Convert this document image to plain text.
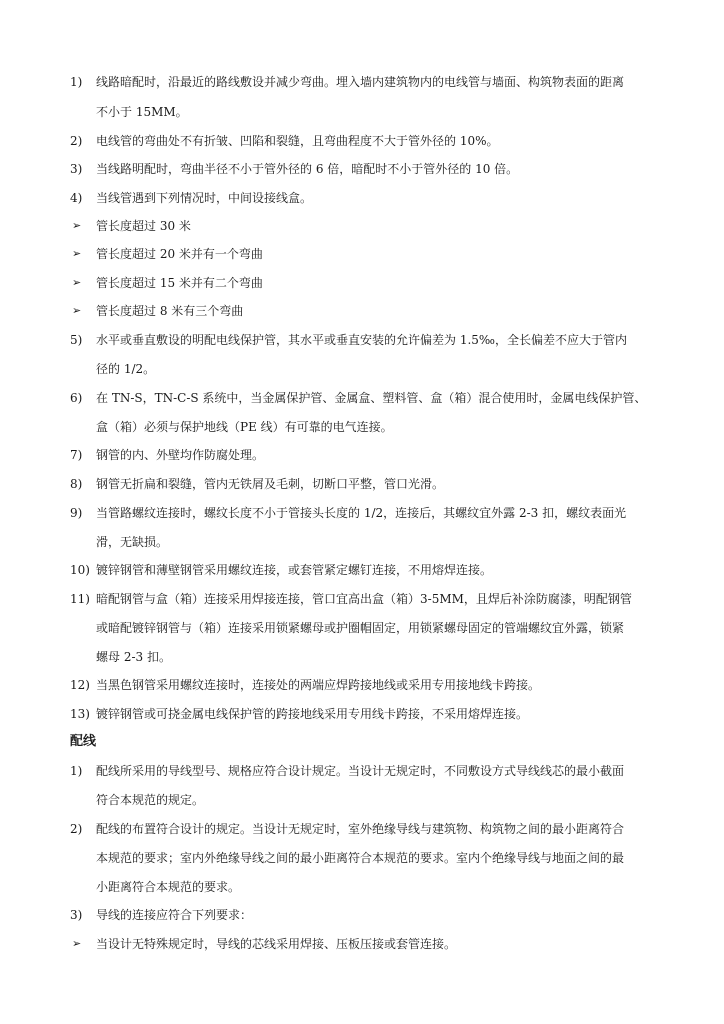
1)	线路暗配时，沿最近的路线敷设并减少弯曲。埋入墙内建筑物内的电线管与墙面、构筑物表面的距离
不小于 15MM。
2)	电线管的弯曲处不有折皱、凹陷和裂缝，且弯曲程度不大于管外径的 10%。
3)	当线路明配时，弯曲半径不小于管外径的 6 倍，暗配时不小于管外径的 10 倍。
4)	当线管遇到下列情况时，中间设接线盒。
➢ 管长度超过 30 米
➢ 管长度超过 20 米并有一个弯曲
➢ 管长度超过 15 米并有二个弯曲
➢ 管长度超过 8 米有三个弯曲
5)	水平或垂直敷设的明配电线保护管，其水平或垂直安装的允许偏差为 1.5‰，全长偏差不应大于管内
径的 1/2。
6)	在 TN-S，TN-C-S 系统中，当金属保护管、金属盒、塑料管、盒（箱）混合使用时，金属电线保护管、
盒（箱）必须与保护地线（PE 线）有可靠的电气连接。
7)	钢管的内、外壁均作防腐处理。
8)	钢管无折扁和裂缝，管内无铁屑及毛刺，切断口平整，管口光滑。
9)	当管路螺纹连接时，螺纹长度不小于管接头长度的 1/2，连接后，其螺纹宜外露 2-3 扣，螺纹表面光
滑，无缺损。
10) 镀锌钢管和薄壁钢管采用螺纹连接，或套管紧定螺钉连接，不用熔焊连接。
11) 暗配钢管与盒（箱）连接采用焊接连接，管口宜高出盒（箱）3-5MM，且焊后补涂防腐漆，明配钢管
或暗配镀锌钢管与（箱）连接采用锁紧螺母或护圈帽固定，用锁紧螺母固定的管端螺纹宜外露，锁紧
螺母 2-3 扣。
12) 当黑色钢管采用螺纹连接时，连接处的两端应焊跨接地线或采用专用接地线卡跨接。
13) 镀锌钢管或可挠金属电线保护管的跨接地线采用专用线卡跨接，不采用熔焊连接。
配线
1)	配线所采用的导线型号、规格应符合设计规定。当设计无规定时，不同敷设方式导线线芯的最小截面
符合本规范的规定。
2)	配线的布置符合设计的规定。当设计无规定时，室外绝缘导线与建筑物、构筑物之间的最小距离符合
本规范的要求；室内外绝缘导线之间的最小距离符合本规范的要求。室内个绝缘导线与地面之间的最
小距离符合本规范的要求。
3)	导线的连接应符合下列要求：
➢ 当设计无特殊规定时，导线的芯线采用焊接、压板压接或套管连接。
